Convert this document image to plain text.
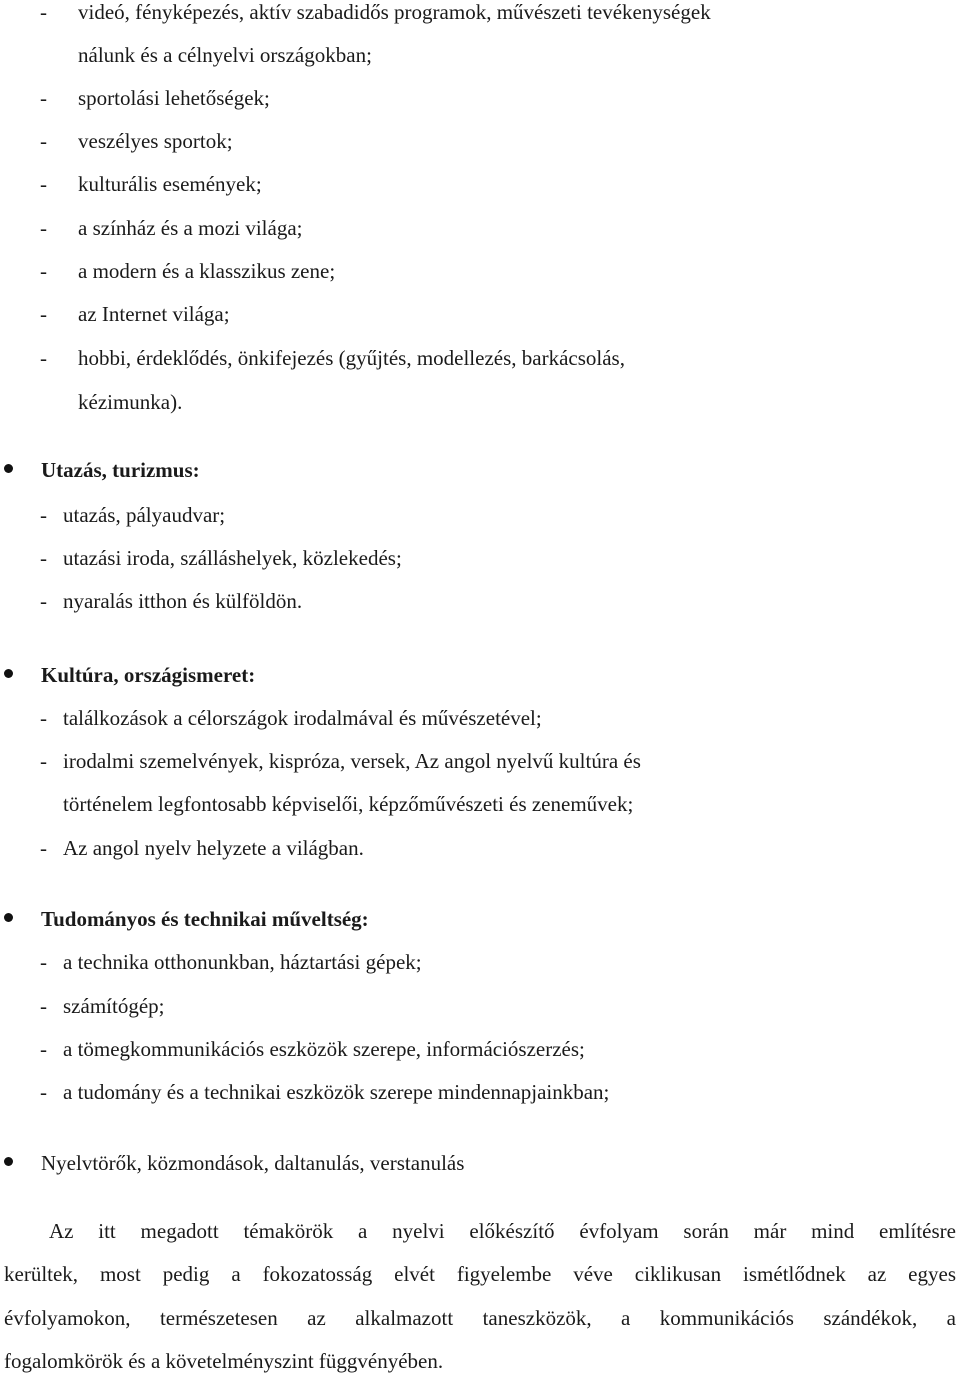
- videó, fényképezés, aktív szabadidős programok, művészeti tevékenységek
nálunk és a célnyelvi országokban;
- sportolási lehetőségek;
- veszélyes sportok;
- kulturális események;
- a színház és a mozi világa;
- a modern és a klasszikus zene;
- az Internet világa;
- hobbi, érdeklődés, önkifejezés (gyűjtés, modellezés, barkácsolás,
kézimunka).
Utazás, turizmus:
- utazás, pályaudvar;
- utazási iroda, szálláshelyek, közlekedés;
- nyaralás itthon és külföldön.
Kultúra, országismeret:
- találkozások a célországok irodalmával és művészetével;
- irodalmi szemelvények, kispróza, versek, Az angol nyelvű kultúra és
történelem legfontosabb képviselői, képzőművészeti és zeneművek;
- Az angol nyelv helyzete a világban.
Tudományos és technikai műveltség:
- a technika otthonunkban, háztartási gépek;
- számítógép;
- a tömegkommunikációs eszközök szerepe, információszerzés;
- a tudomány és a technikai eszközök szerepe mindennapjainkban;
Nyelvtörők, közmondások, daltanulás, verstanulás
Az itt megadott témakörök a nyelvi előkészítő évfolyam során már mind említésre
kerültek, most pedig a fokozatosság elvét figyelembe véve ciklikusan ismétlődnek az egyes
évfolyamokon, természetesen az alkalmazott taneszközök, a kommunikációs szándékok, a
fogalomkörök és a követelményszint függvényében.
